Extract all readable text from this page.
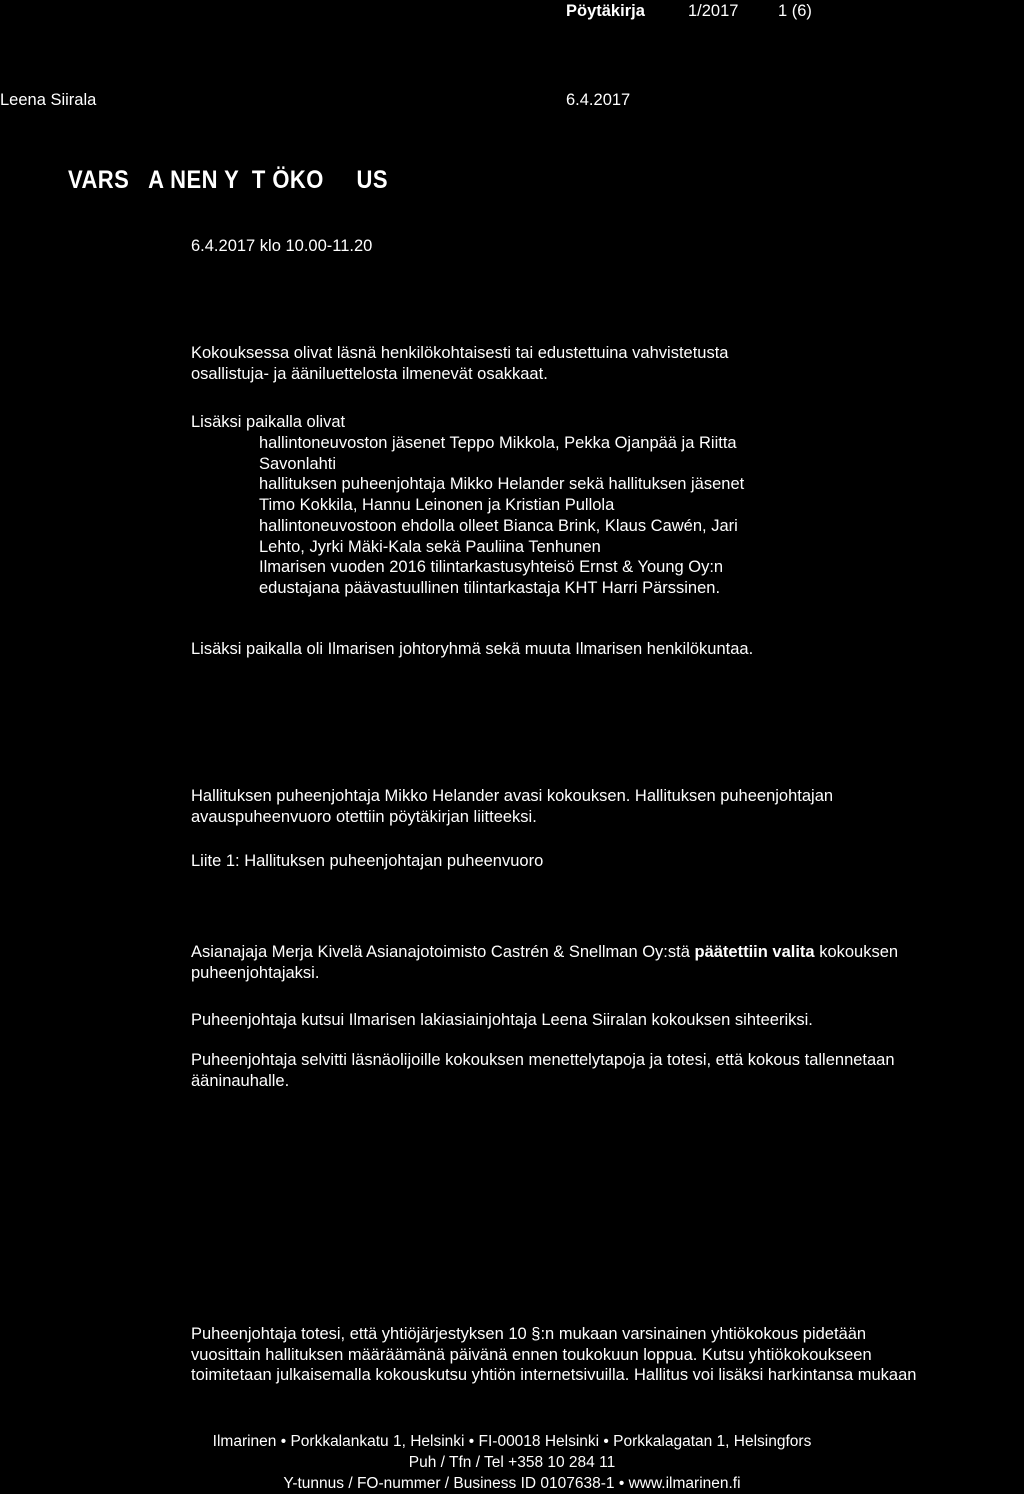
Pöytäkirja	1/2017 1 (6)
Leena Siirala	6.4.2017
VARS   A NEN Y  T ÖKO     US
6.4.2017 klo 10.00-11.20
Kokouksessa olivat läsnä henkilökohtaisesti tai edustettuina vahvistetusta
osallistuja- ja ääniluettelosta ilmenevät osakkaat.
Lisäksi paikalla olivat
hallintoneuvoston jäsenet Teppo Mikkola, Pekka Ojanpää ja Riitta
Savonlahti
hallituksen puheenjohtaja Mikko Helander sekä hallituksen jäsenet
Timo Kokkila, Hannu Leinonen ja Kristian Pullola
hallintoneuvostoon ehdolla olleet Bianca Brink, Klaus Cawén, Jari
Lehto, Jyrki Mäki-Kala sekä Pauliina Tenhunen
Ilmarisen vuoden 2016 tilintarkastusyhteisö Ernst & Young Oy:n
edustajana päävastuullinen tilintarkastaja KHT Harri Pärssinen.
Lisäksi paikalla oli Ilmarisen johtoryhmä sekä muuta Ilmarisen henkilökuntaa.
Hallituksen puheenjohtaja Mikko Helander avasi kokouksen. Hallituksen puheenjohtajan
avauspuheenvuoro otettiin pöytäkirjan liitteeksi.
Liite 1: Hallituksen puheenjohtajan puheenvuoro
Asianajaja Merja Kivelä Asianajotoimisto Castrén & Snellman Oy:stä päätettiin valita kokouksen
puheenjohtajaksi.
Puheenjohtaja kutsui Ilmarisen lakiasiainjohtaja Leena Siiralan kokouksen sihteeriksi.
Puheenjohtaja selvitti läsnäolijoille kokouksen menettelytapoja ja totesi, että kokous tallennetaan
ääninauhalle.
Puheenjohtaja totesi, että yhtiöjärjestyksen 10 §:n mukaan varsinainen yhtiökokous pidetään
vuosittain hallituksen määräämänä päivänä ennen toukokuun loppua. Kutsu yhtiökokoukseen
toimitetaan julkaisemalla kokouskutsu yhtiön internetsivuilla. Hallitus voi lisäksi harkintansa mukaan
Ilmarinen • Porkkalankatu 1, Helsinki • FI-00018 Helsinki • Porkkalagatan 1, Helsingfors
Puh / Tfn / Tel +358 10 284 11
Y-tunnus / FO-nummer / Business ID 0107638-1 • www.ilmarinen.fi
